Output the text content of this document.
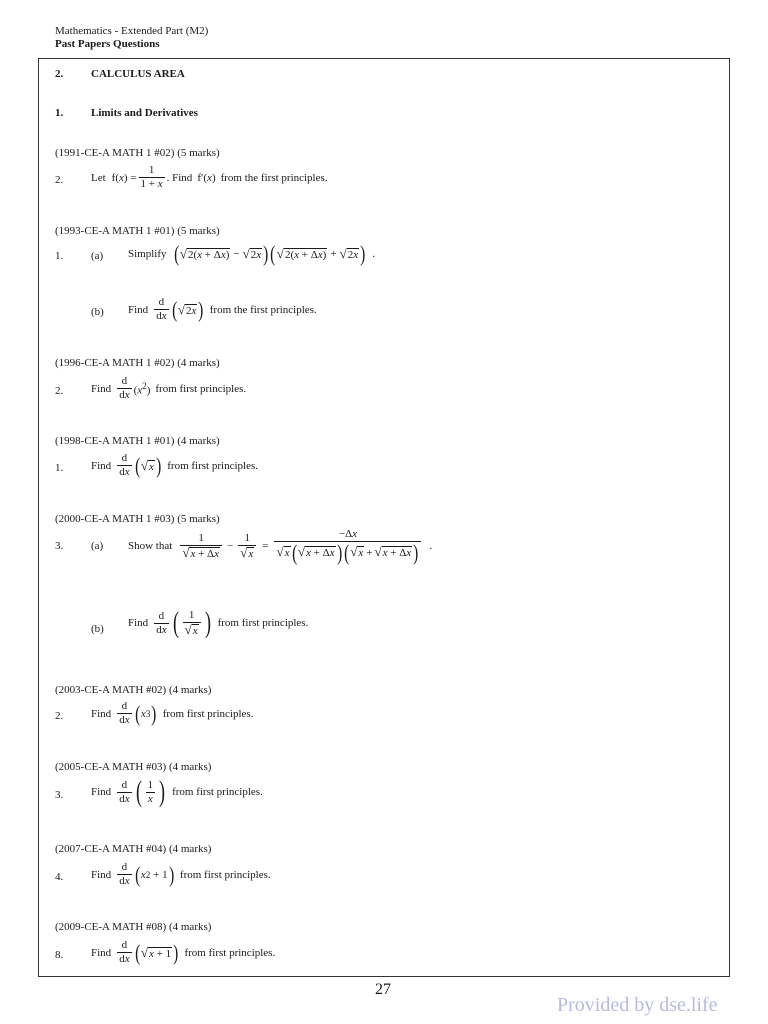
Mathematics - Extended Part (M2)
Past Papers Questions
2.	CALCULUS AREA
1.	Limits and Derivatives
(1991-CE-A MATH 1 #02) (5 marks)
2.	Let $f(x) = \frac{1}{1 + x}$ . Find f′(x) from the first principles.
(1993-CE-A MATH 1 #01) (5 marks)
1.	(a) Simplify ( √2(x + Δx) − √2x ) ( √2(x + Δx) + √2x ) .
(b) Find $\frac{d}{dx}$ ( √2x ) from the first principles.
(1996-CE-A MATH 1 #02) (4 marks)
2.	Find $\frac{d}{dx} (x^2)$ from first principles.
(1998-CE-A MATH 1 #01) (4 marks)
1.	Find $\frac{d}{dx}$ ( √x ) from first principles.
(2000-CE-A MATH 1 #03) (5 marks)
3.	(a) Show that $\frac{1}{√x + \Delta x} - \frac{1}{√x} = \frac{-\Delta x}{√x(√x + \Delta x)(√x + √x + \Delta x)}$ .
(b) Find $\frac{d}{dx}$ ( $\frac{1}{√x}$ ) from first principles.
(2003-CE-A MATH #02) (4 marks)
2.	Find $\frac{d}{dx}$ ( x 3 ) from first principles.
(2005-CE-A MATH #03) (4 marks)
3.	Find $\frac{d}{dx}$ ( $\frac{1}{x}$ ) from first principles.
(2007-CE-A MATH #04) (4 marks)
4.	Find $\frac{d}{dx}$ ( x 2 + 1 ) from first principles.
(2009-CE-A MATH #08) (4 marks)
8.	Find $\frac{d}{dx}$ ( √x + 1 ) from first principles.
27
Provided by dse.life
